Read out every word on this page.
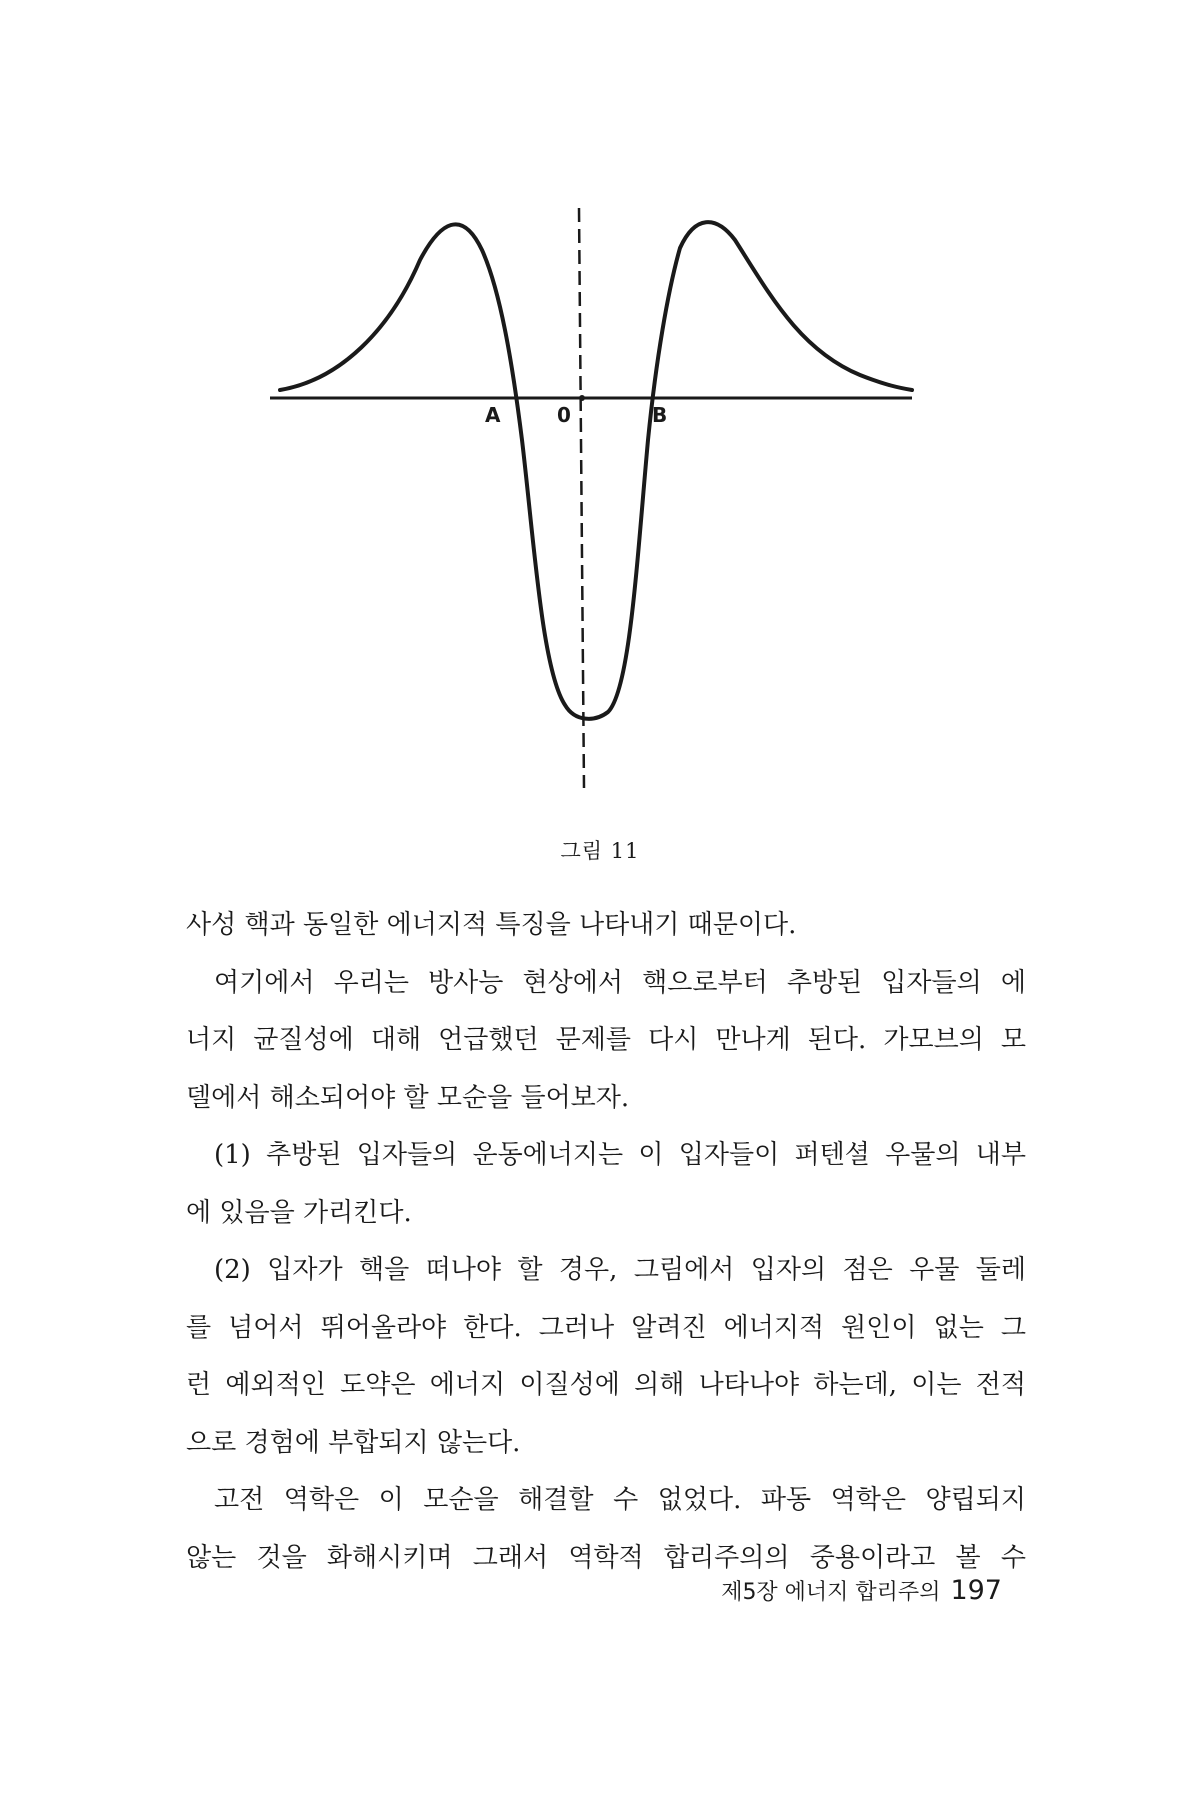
A	0	B
그림 11
사성 핵과 동일한 에너지적 특징을 나타내기 때문이다.
여기에서 우리는 방사능 현상에서 핵으로부터 추방된 입자들의 에
너지 균질성에 대해 언급했던 문제를 다시 만나게 된다. 가모브의 모
델에서 해소되어야 할 모순을 들어보자.
(1) 추방된 입자들의 운동에너지는 이 입자들이 퍼텐셜 우물의 내부
에 있음을 가리킨다.
(2) 입자가 핵을 떠나야 할 경우, 그림에서 입자의 점은 우물 둘레
를 넘어서 뛰어올라야 한다. 그러나 알려진 에너지적 원인이 없는 그
런 예외적인 도약은 에너지 이질성에 의해 나타나야 하는데, 이는 전적
으로 경험에 부합되지 않는다.
고전 역학은 이 모순을 해결할 수 없었다. 파동 역학은 양립되지
않는 것을 화해시키며 그래서 역학적 합리주의의 중용이라고 볼 수
제5장 에너지 합리주의 197
